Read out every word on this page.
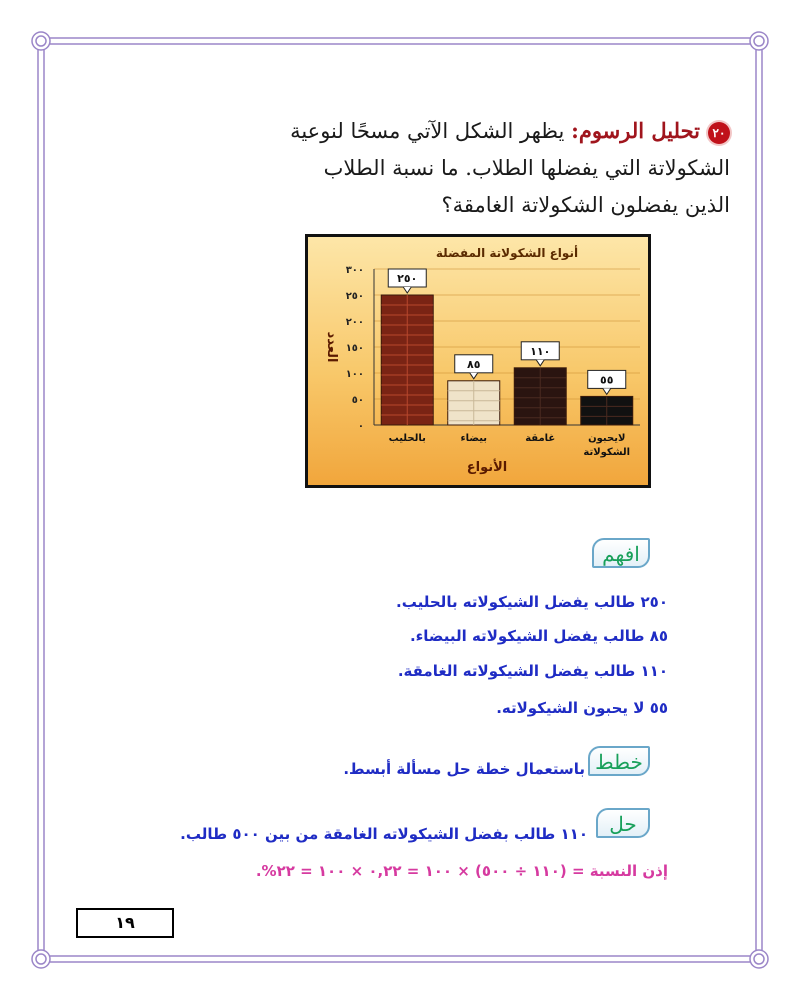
٢٠تحليل الرسوم: يظهر الشكل الآتي مسحًا لنوعية
الشكولاتة التي يفضلها الطلاب. ما نسبة الطلاب
الذين يفضلون الشكولاتة الغامقة؟
أنواع الشكولاتة المفضلة
٠
٥٠
١٠٠
١٥٠
٢٠٠
٢٥٠
٣٠٠
العدد
٢٥٠
بالحليب
٨٥
بيضاء
١١٠
غامقة
٥٥
لايحبون
الشكولاتة
الأنواع
افهم
٢٥٠ طالب يفضل الشيكولاته بالحليب.
٨٥ طالب يفضل الشيكولاته البيضاء.
١١٠ طالب يفضل الشيكولاته الغامقة.
٥٥ لا يحبون الشيكولاته.
خطط
باستعمال خطة حل مسألة أبسط.
حل
١١٠ طالب بفضل الشيكولاته الغامقة من بين ٥٠٠ طالب.
إذن النسبة = (١١٠ ÷ ٥٠٠) × ١٠٠ = ٠,٢٢ × ١٠٠ = ٢٢%.
١٩
